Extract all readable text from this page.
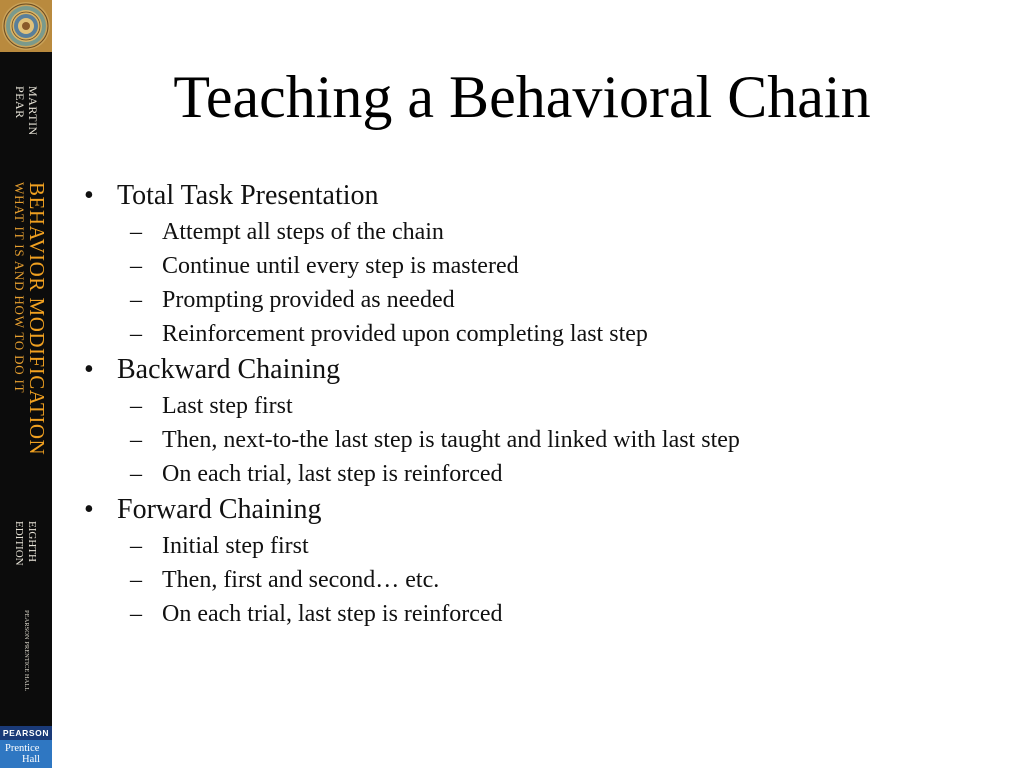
MARTIN
PEAR
BEHAVIOR MODIFICATION
WHAT IT IS AND HOW TO DO IT
EIGHTH
EDITION
PEARSON PRENTICE HALL
PEARSON
Prentice
Hall
Teaching a Behavioral Chain
• Total Task Presentation
– Attempt all steps of the chain
– Continue until every step is mastered
– Prompting provided as needed
– Reinforcement provided upon completing last step
• Backward Chaining
– Last step first
– Then, next-to-the last step is taught and linked with last step
– On each trial, last step is reinforced
• Forward Chaining
– Initial step first
– Then, first and second… etc.
– On each trial, last step is reinforced
